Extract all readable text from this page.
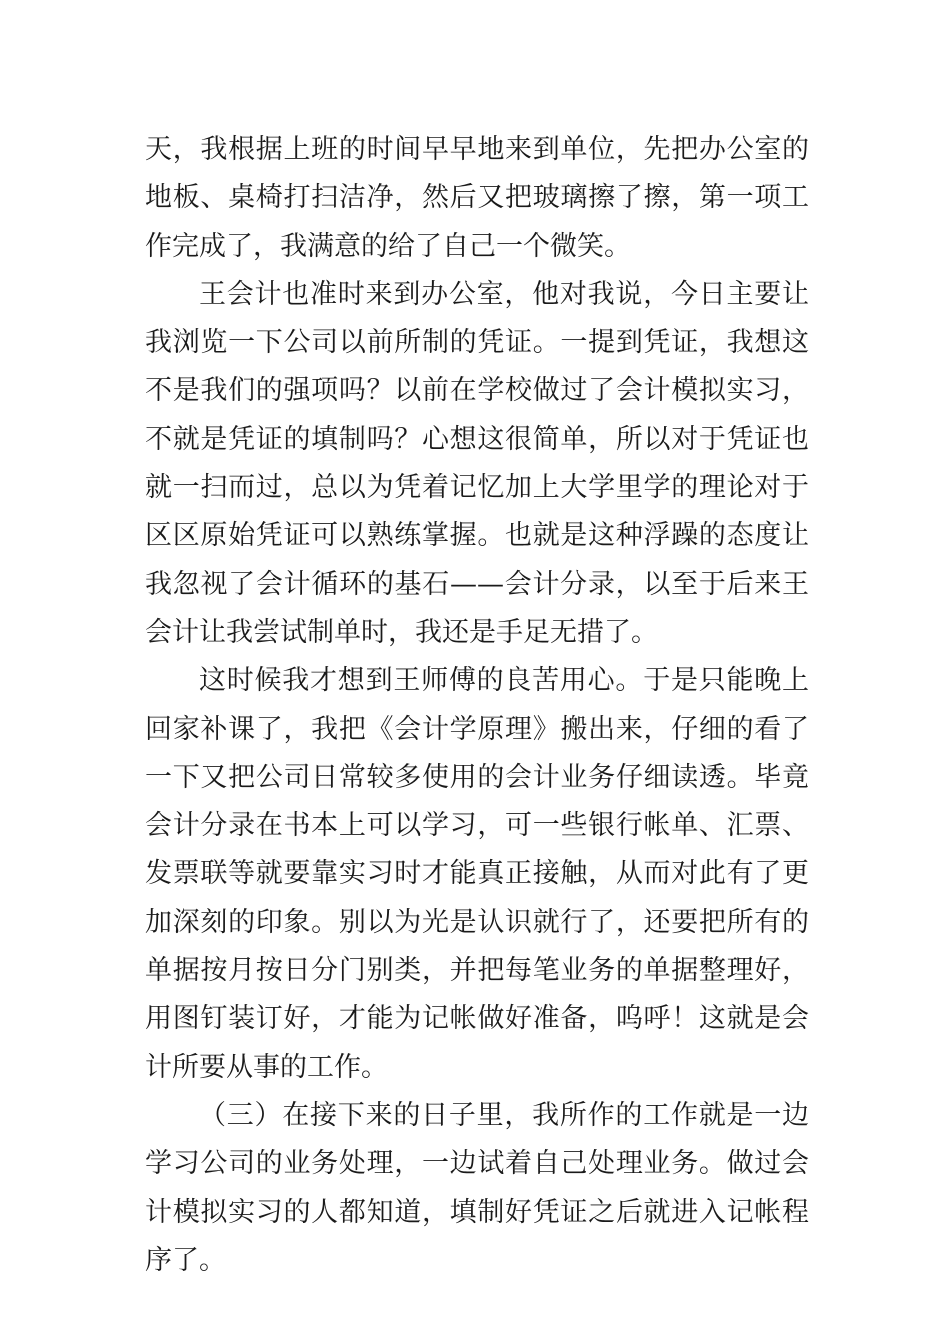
天，我根据上班的时间早早地来到单位，先把办公室的地板、桌椅打扫洁净，然后又把玻璃擦了擦，第一项工作完成了，我满意的给了自己一个微笑。

王会计也准时来到办公室，他对我说，今日主要让我浏览一下公司以前所制的凭证。一提到凭证，我想这不是我们的强项吗？以前在学校做过了会计模拟实习，不就是凭证的填制吗？心想这很简单，所以对于凭证也就一扫而过，总以为凭着记忆加上大学里学的理论对于区区原始凭证可以熟练掌握。也就是这种浮躁的态度让我忽视了会计循环的基石——会计分录，以至于后来王会计让我尝试制单时，我还是手足无措了。

这时候我才想到王师傅的良苦用心。于是只能晚上回家补课了，我把《会计学原理》搬出来，仔细的看了一下又把公司日常较多使用的会计业务仔细读透。毕竟会计分录在书本上可以学习，可一些银行帐单、汇票、发票联等就要靠实习时才能真正接触，从而对此有了更加深刻的印象。别以为光是认识就行了，还要把所有的单据按月按日分门别类，并把每笔业务的单据整理好，用图钉装订好，才能为记帐做好准备，呜呼！这就是会计所要从事的工作。

（三）在接下来的日子里，我所作的工作就是一边学习公司的业务处理，一边试着自己处理业务。做过会计模拟实习的人都知道，填制好凭证之后就进入记帐程序了。
